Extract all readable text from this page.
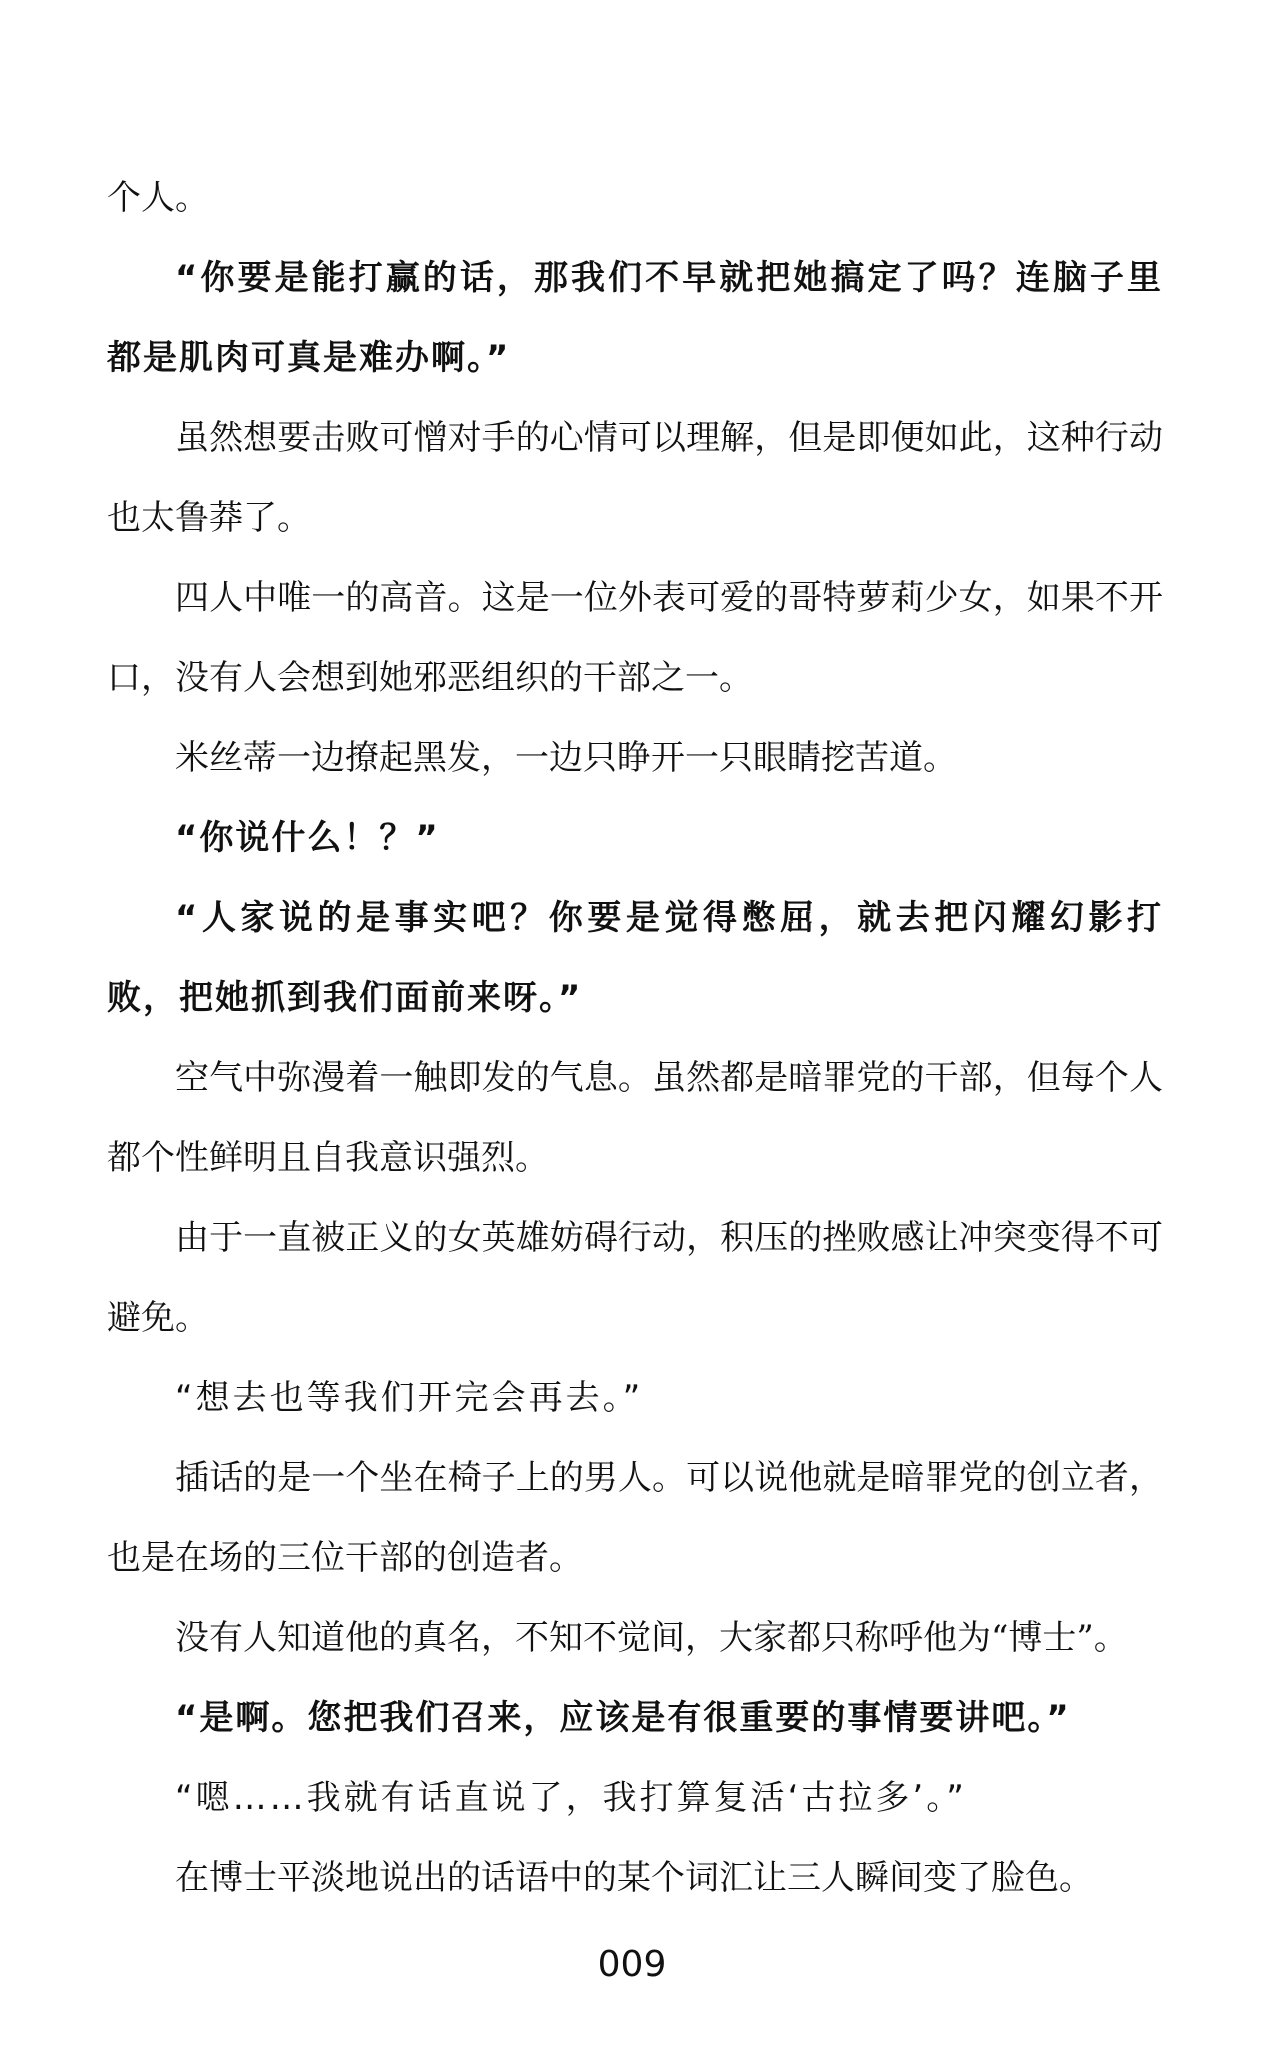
个人。

“你要是能打赢的话，那我们不早就把她搞定了吗？连脑子里都是肌肉可真是难办啊。”

虽然想要击败可憎对手的心情可以理解，但是即便如此，这种行动也太鲁莽了。

四人中唯一的高音。这是一位外表可爱的哥特萝莉少女，如果不开口，没有人会想到她邪恶组织的干部之一。

米丝蒂一边撩起黑发，一边只睁开一只眼睛挖苦道。

“你说什么！？”

“人家说的是事实吧？你要是觉得憋屈，就去把闪耀幻影打败，把她抓到我们面前来呀。”

空气中弥漫着一触即发的气息。虽然都是暗罪党的干部，但每个人都个性鲜明且自我意识强烈。

由于一直被正义的女英雄妨碍行动，积压的挫败感让冲突变得不可避免。

“想去也等我们开完会再去。”

插话的是一个坐在椅子上的男人。可以说他就是暗罪党的创立者，也是在场的三位干部的创造者。

没有人知道他的真名，不知不觉间，大家都只称呼他为“博士”。

“是啊。您把我们召来，应该是有很重要的事情要讲吧。”

“嗯……我就有话直说了，我打算复活‘古拉多’。”

在博士平淡地说出的话语中的某个词汇让三人瞬间变了脸色。

009
